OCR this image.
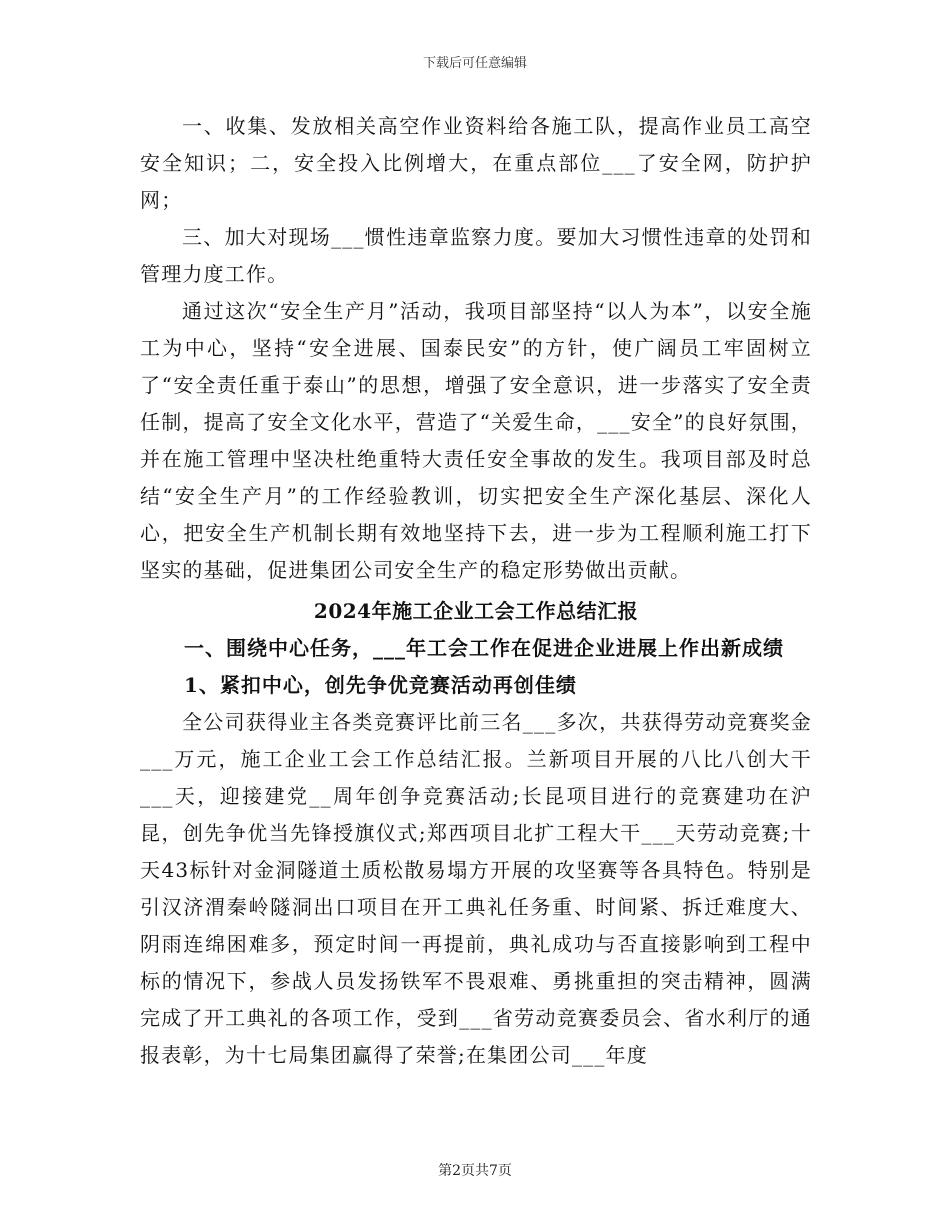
下载后可任意编辑

一、收集、发放相关高空作业资料给各施工队，提高作业员工高空安全知识；二，安全投入比例增大，在重点部位___了安全网，防护护网；

三、加大对现场___惯性违章监察力度。要加大习惯性违章的处罚和管理力度工作。

通过这次“安全生产月”活动，我项目部坚持“以人为本”，以安全施工为中心，坚持“安全进展、国泰民安”的方针，使广阔员工牢固树立了“安全责任重于泰山”的思想，增强了安全意识，进一步落实了安全责任制，提高了安全文化水平，营造了“关爱生命，___安全”的良好氛围，并在施工管理中坚决杜绝重特大责任安全事故的发生。我项目部及时总结“安全生产月”的工作经验教训，切实把安全生产深化基层、深化人心，把安全生产机制长期有效地坚持下去，进一步为工程顺利施工打下坚实的基础，促进集团公司安全生产的稳定形势做出贡献。

2024年施工企业工会工作总结汇报
一、围绕中心任务，___年工会工作在促进企业进展上作出新成绩
1、紧扣中心，创先争优竞赛活动再创佳绩

全公司获得业主各类竞赛评比前三名___多次，共获得劳动竞赛奖金___万元，施工企业工会工作总结汇报。兰新项目开展的八比八创大干___天，迎接建党__周年创争竞赛活动;长昆项目进行的竞赛建功在沪昆，创先争优当先锋授旗仪式;郑西项目北扩工程大干___天劳动竞赛;十天43标针对金洞隧道土质松散易塌方开展的攻坚赛等各具特色。特别是引汉济渭秦岭隧洞出口项目在开工典礼任务重、时间紧、拆迁难度大、阴雨连绵困难多，预定时间一再提前，典礼成功与否直接影响到工程中标的情况下，参战人员发扬铁军不畏艰难、勇挑重担的突击精神，圆满完成了开工典礼的各项工作，受到___省劳动竞赛委员会、省水利厅的通报表彰，为十七局集团赢得了荣誉;在集团公司___年度

第2页共7页
